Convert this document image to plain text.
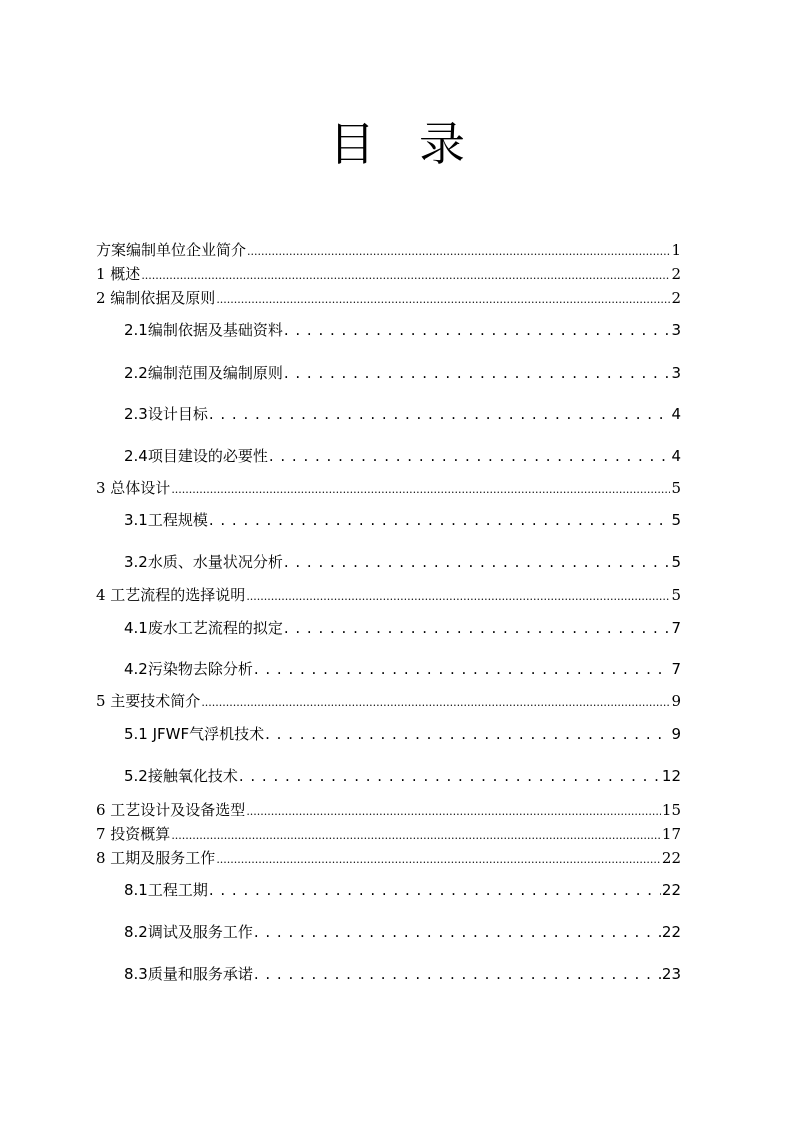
目录
方案编制单位企业简介 .....	1
1 概述 .....	2
2 编制依据及原则 .....	2
2.1编制依据及基础资料 . . .	3
2.2编制范围及编制原则 . . .	3
2.3设计目标 . . .	4
2.4项目建设的必要性 . . .	4
3 总体设计 .....	5
3.1工程规模 . . .	5
3.2水质、水量状况分析 . . .	5
4 工艺流程的选择说明 .....	5
4.1废水工艺流程的拟定 . . .	7
4.2污染物去除分析 . . .	7
5 主要技术简介 .....	9
5.1 JFWF气浮机技术 . . .	9
5.2接触氧化技术 . . .	12
6 工艺设计及设备选型 .....	15
7 投资概算 .....	17
8 工期及服务工作 .....	22
8.1工程工期 . . .	22
8.2调试及服务工作 . . .	22
8.3质量和服务承诺 . . .	23
